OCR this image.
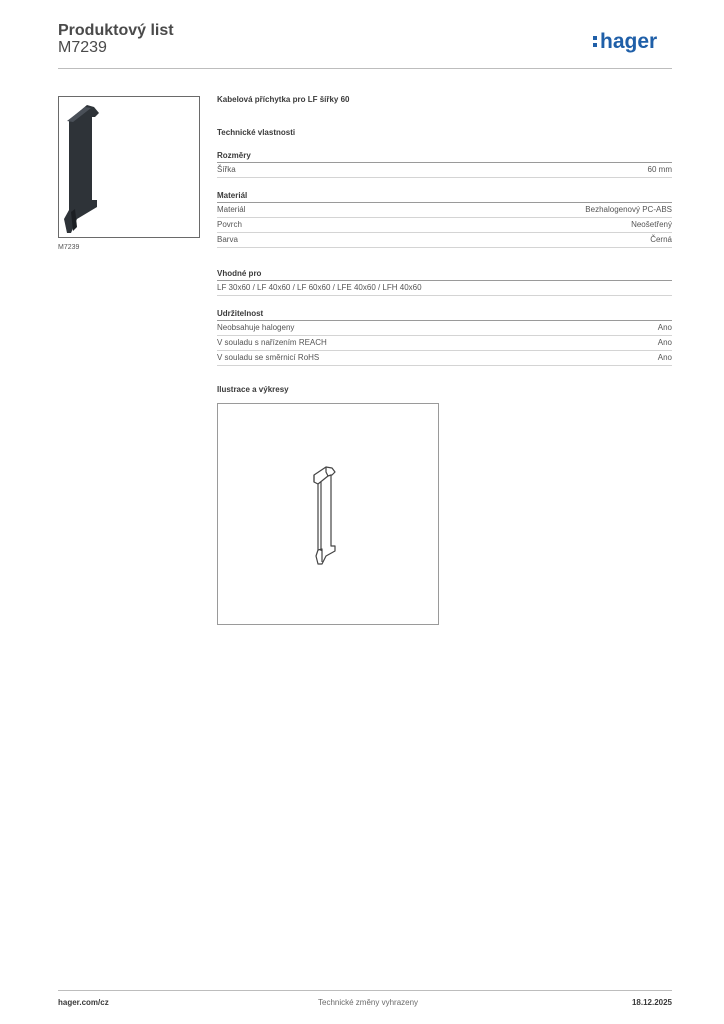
Produktový list
M7239	hager
M7239
Kabelová příchytka pro LF šířky 60
Technické vlastnosti
Rozměry
Šířka	60 mm
Materiál
Materiál	Bezhalogenový PC-ABS
Povrch	Neošetřený
Barva	Černá
Vhodné pro
LF 30x60 / LF 40x60 / LF 60x60 / LFE 40x60 / LFH 40x60
Udržitelnost
Neobsahuje halogeny	Ano
V souladu s nařízením REACH	Ano
V souladu se směrnicí RoHS	Ano
Ilustrace a výkresy
hager.com/cz	Technické změny vyhrazeny	18.12.2025
